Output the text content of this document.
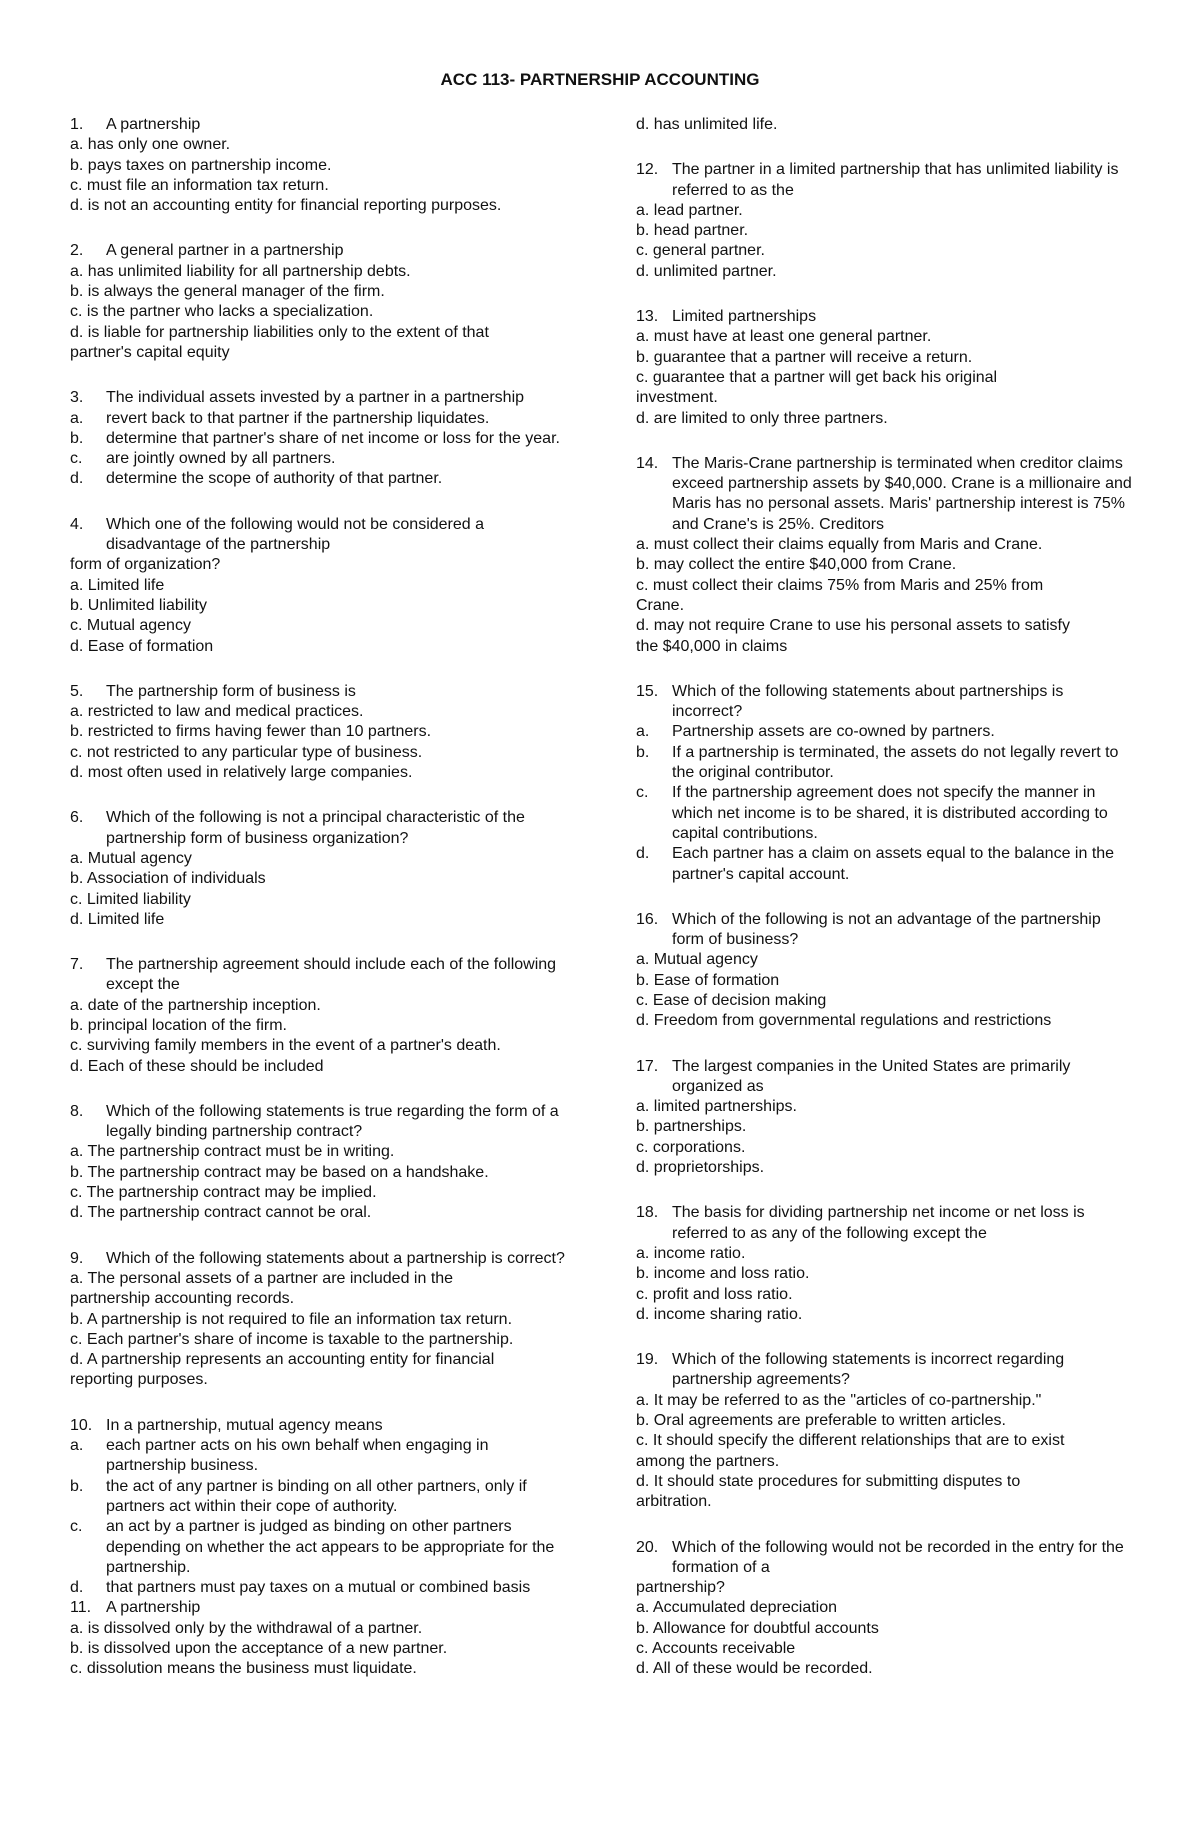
ACC 113- PARTNERSHIP ACCOUNTING
1. A partnership
a. has only one owner.
b. pays taxes on partnership income.
c. must file an information tax return.
d. is not an accounting entity for financial reporting purposes.
2. A general partner in a partnership
a. has unlimited liability for all partnership debts.
b. is always the general manager of the firm.
c. is the partner who lacks a specialization.
d. is liable for partnership liabilities only to the extent of that
partner's capital equity
3. The individual assets invested by a partner in a partnership
a. revert back to that partner if the partnership liquidates.
b. determine that partner's share of net income or loss for the year.
c. are jointly owned by all partners.
d. determine the scope of authority of that partner.
4. Which one of the following would not be considered a disadvantage of the partnership
form of organization?
a. Limited life
b. Unlimited liability
c. Mutual agency
d. Ease of formation
5. The partnership form of business is
a. restricted to law and medical practices.
b. restricted to firms having fewer than 10 partners.
c. not restricted to any particular type of business.
d. most often used in relatively large companies.
6. Which of the following is not a principal characteristic of the partnership form of business organization?
a. Mutual agency
b. Association of individuals
c. Limited liability
d. Limited life
7. The partnership agreement should include each of the following except the
a. date of the partnership inception.
b. principal location of the firm.
c. surviving family members in the event of a partner's death.
d. Each of these should be included
8. Which of the following statements is true regarding the form of a legally binding partnership contract?
a. The partnership contract must be in writing.
b. The partnership contract may be based on a handshake.
c. The partnership contract may be implied.
d. The partnership contract cannot be oral.
9. Which of the following statements about a partnership is correct?
a. The personal assets of a partner are included in the
partnership accounting records.
b. A partnership is not required to file an information tax return.
c. Each partner's share of income is taxable to the partnership.
d. A partnership represents an accounting entity for financial
reporting purposes.
10. In a partnership, mutual agency means
a. each partner acts on his own behalf when engaging in partnership business.
b. the act of any partner is binding on all other partners, only if partners act within their cope of authority.
c. an act by a partner is judged as binding on other partners depending on whether the act appears to be appropriate for the partnership.
d. that partners must pay taxes on a mutual or combined basis
11. A partnership
a. is dissolved only by the withdrawal of a partner.
b. is dissolved upon the acceptance of a new partner.
c. dissolution means the business must liquidate.
d. has unlimited life.
12. The partner in a limited partnership that has unlimited liability is referred to as the
a. lead partner.
b. head partner.
c. general partner.
d. unlimited partner.
13. Limited partnerships
a. must have at least one general partner.
b. guarantee that a partner will receive a return.
c. guarantee that a partner will get back his original
investment.
d. are limited to only three partners.
14. The Maris-Crane partnership is terminated when creditor claims exceed partnership assets by $40,000. Crane is a millionaire and Maris has no personal assets. Maris' partnership interest is 75% and Crane's is 25%. Creditors
a. must collect their claims equally from Maris and Crane.
b. may collect the entire $40,000 from Crane.
c. must collect their claims 75% from Maris and 25% from
Crane.
d. may not require Crane to use his personal assets to satisfy
the $40,000 in claims
15. Which of the following statements about partnerships is incorrect?
a. Partnership assets are co-owned by partners.
b. If a partnership is terminated, the assets do not legally revert to the original contributor.
c. If the partnership agreement does not specify the manner in which net income is to be shared, it is distributed according to capital contributions.
d. Each partner has a claim on assets equal to the balance in the partner's capital account.
16. Which of the following is not an advantage of the partnership form of business?
a. Mutual agency
b. Ease of formation
c. Ease of decision making
d. Freedom from governmental regulations and restrictions
17. The largest companies in the United States are primarily organized as
a. limited partnerships.
b. partnerships.
c. corporations.
d. proprietorships.
18. The basis for dividing partnership net income or net loss is referred to as any of the following except the
a. income ratio.
b. income and loss ratio.
c. profit and loss ratio.
d. income sharing ratio.
19. Which of the following statements is incorrect regarding partnership agreements?
a. It may be referred to as the "articles of co-partnership."
b. Oral agreements are preferable to written articles.
c. It should specify the different relationships that are to exist
among the partners.
d. It should state procedures for submitting disputes to
arbitration.
20. Which of the following would not be recorded in the entry for the formation of a
partnership?
a. Accumulated depreciation
b. Allowance for doubtful accounts
c. Accounts receivable
d. All of these would be recorded.
